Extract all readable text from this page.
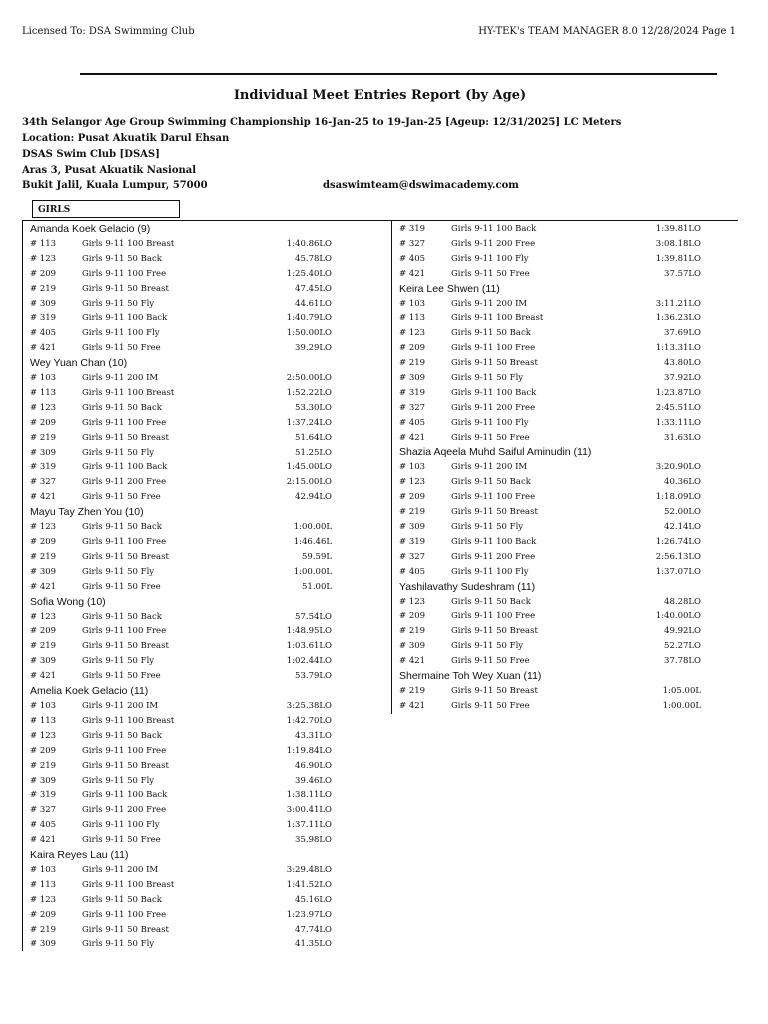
Licensed To: DSA Swimming Club	HY-TEK's TEAM MANAGER 8.0 12/28/2024 Page 1
Individual Meet Entries Report (by Age)
34th Selangor Age Group Swimming Championship 16-Jan-25 to 19-Jan-25 [Ageup: 12/31/2025] LC Meters
Location: Pusat Akuatik Darul Ehsan
DSAS Swim Club [DSAS]
Aras 3, Pusat Akuatik Nasional
Bukit Jalil, Kuala Lumpur, 57000	dsaswimteam@dswimacademy.com
GIRLS
Amanda Koek Gelacio (9)
# 113	Girls 9-11 100 Breast	1:40.86LO
# 123	Girls 9-11 50 Back	45.78LO
# 209	Girls 9-11 100 Free	1:25.40LO
# 219	Girls 9-11 50 Breast	47.45LO
# 309	Girls 9-11 50 Fly	44.61LO
# 319	Girls 9-11 100 Back	1:40.79LO
# 405	Girls 9-11 100 Fly	1:50.00LO
# 421	Girls 9-11 50 Free	39.29LO
Wey Yuan Chan (10)
# 103	Girls 9-11 200 IM	2:50.00LO
# 113	Girls 9-11 100 Breast	1:52.22LO
# 123	Girls 9-11 50 Back	53.30LO
# 209	Girls 9-11 100 Free	1:37.24LO
# 219	Girls 9-11 50 Breast	51.64LO
# 309	Girls 9-11 50 Fly	51.25LO
# 319	Girls 9-11 100 Back	1:45.00LO
# 327	Girls 9-11 200 Free	2:15.00LO
# 421	Girls 9-11 50 Free	42.94LO
Mayu Tay Zhen You (10)
# 123	Girls 9-11 50 Back	1:00.00L
# 209	Girls 9-11 100 Free	1:46.46L
# 219	Girls 9-11 50 Breast	59.59L
# 309	Girls 9-11 50 Fly	1:00.00L
# 421	Girls 9-11 50 Free	51.00L
Sofia Wong (10)
# 123	Girls 9-11 50 Back	57.54LO
# 209	Girls 9-11 100 Free	1:48.95LO
# 219	Girls 9-11 50 Breast	1:03.61LO
# 309	Girls 9-11 50 Fly	1:02.44LO
# 421	Girls 9-11 50 Free	53.79LO
Amelia Koek Gelacio (11)
# 103	Girls 9-11 200 IM	3:25.38LO
# 113	Girls 9-11 100 Breast	1:42.70LO
# 123	Girls 9-11 50 Back	43.31LO
# 209	Girls 9-11 100 Free	1:19.84LO
# 219	Girls 9-11 50 Breast	46.90LO
# 309	Girls 9-11 50 Fly	39.46LO
# 319	Girls 9-11 100 Back	1:38.11LO
# 327	Girls 9-11 200 Free	3:00.41LO
# 405	Girls 9-11 100 Fly	1:37.11LO
# 421	Girls 9-11 50 Free	35.98LO
Kaira Reyes Lau (11)
# 103	Girls 9-11 200 IM	3:29.48LO
# 113	Girls 9-11 100 Breast	1:41.52LO
# 123	Girls 9-11 50 Back	45.16LO
# 209	Girls 9-11 100 Free	1:23.97LO
# 219	Girls 9-11 50 Breast	47.74LO
# 309	Girls 9-11 50 Fly	41.35LO
# 319	Girls 9-11 100 Back	1:39.81LO
# 327	Girls 9-11 200 Free	3:08.18LO
# 405	Girls 9-11 100 Fly	1:39.81LO
# 421	Girls 9-11 50 Free	37.57LO
Keira Lee Shwen (11)
# 103	Girls 9-11 200 IM	3:11.21LO
# 113	Girls 9-11 100 Breast	1:36.23LO
# 123	Girls 9-11 50 Back	37.69LO
# 209	Girls 9-11 100 Free	1:13.31LO
# 219	Girls 9-11 50 Breast	43.80LO
# 309	Girls 9-11 50 Fly	37.92LO
# 319	Girls 9-11 100 Back	1:23.87LO
# 327	Girls 9-11 200 Free	2:45.51LO
# 405	Girls 9-11 100 Fly	1:33.11LO
# 421	Girls 9-11 50 Free	31.63LO
Shazia Aqeela Muhd Saiful Aminudin (11)
# 103	Girls 9-11 200 IM	3:20.90LO
# 123	Girls 9-11 50 Back	40.36LO
# 209	Girls 9-11 100 Free	1:18.09LO
# 219	Girls 9-11 50 Breast	52.00LO
# 309	Girls 9-11 50 Fly	42.14LO
# 319	Girls 9-11 100 Back	1:26.74LO
# 327	Girls 9-11 200 Free	2:56.13LO
# 405	Girls 9-11 100 Fly	1:37.07LO
Yashilavathy Sudeshram (11)
# 123	Girls 9-11 50 Back	48.28LO
# 209	Girls 9-11 100 Free	1:40.00LO
# 219	Girls 9-11 50 Breast	49.92LO
# 309	Girls 9-11 50 Fly	52.27LO
# 421	Girls 9-11 50 Free	37.78LO
Shermaine Toh Wey Xuan (11)
# 219	Girls 9-11 50 Breast	1:05.00L
# 421	Girls 9-11 50 Free	1:00.00L
